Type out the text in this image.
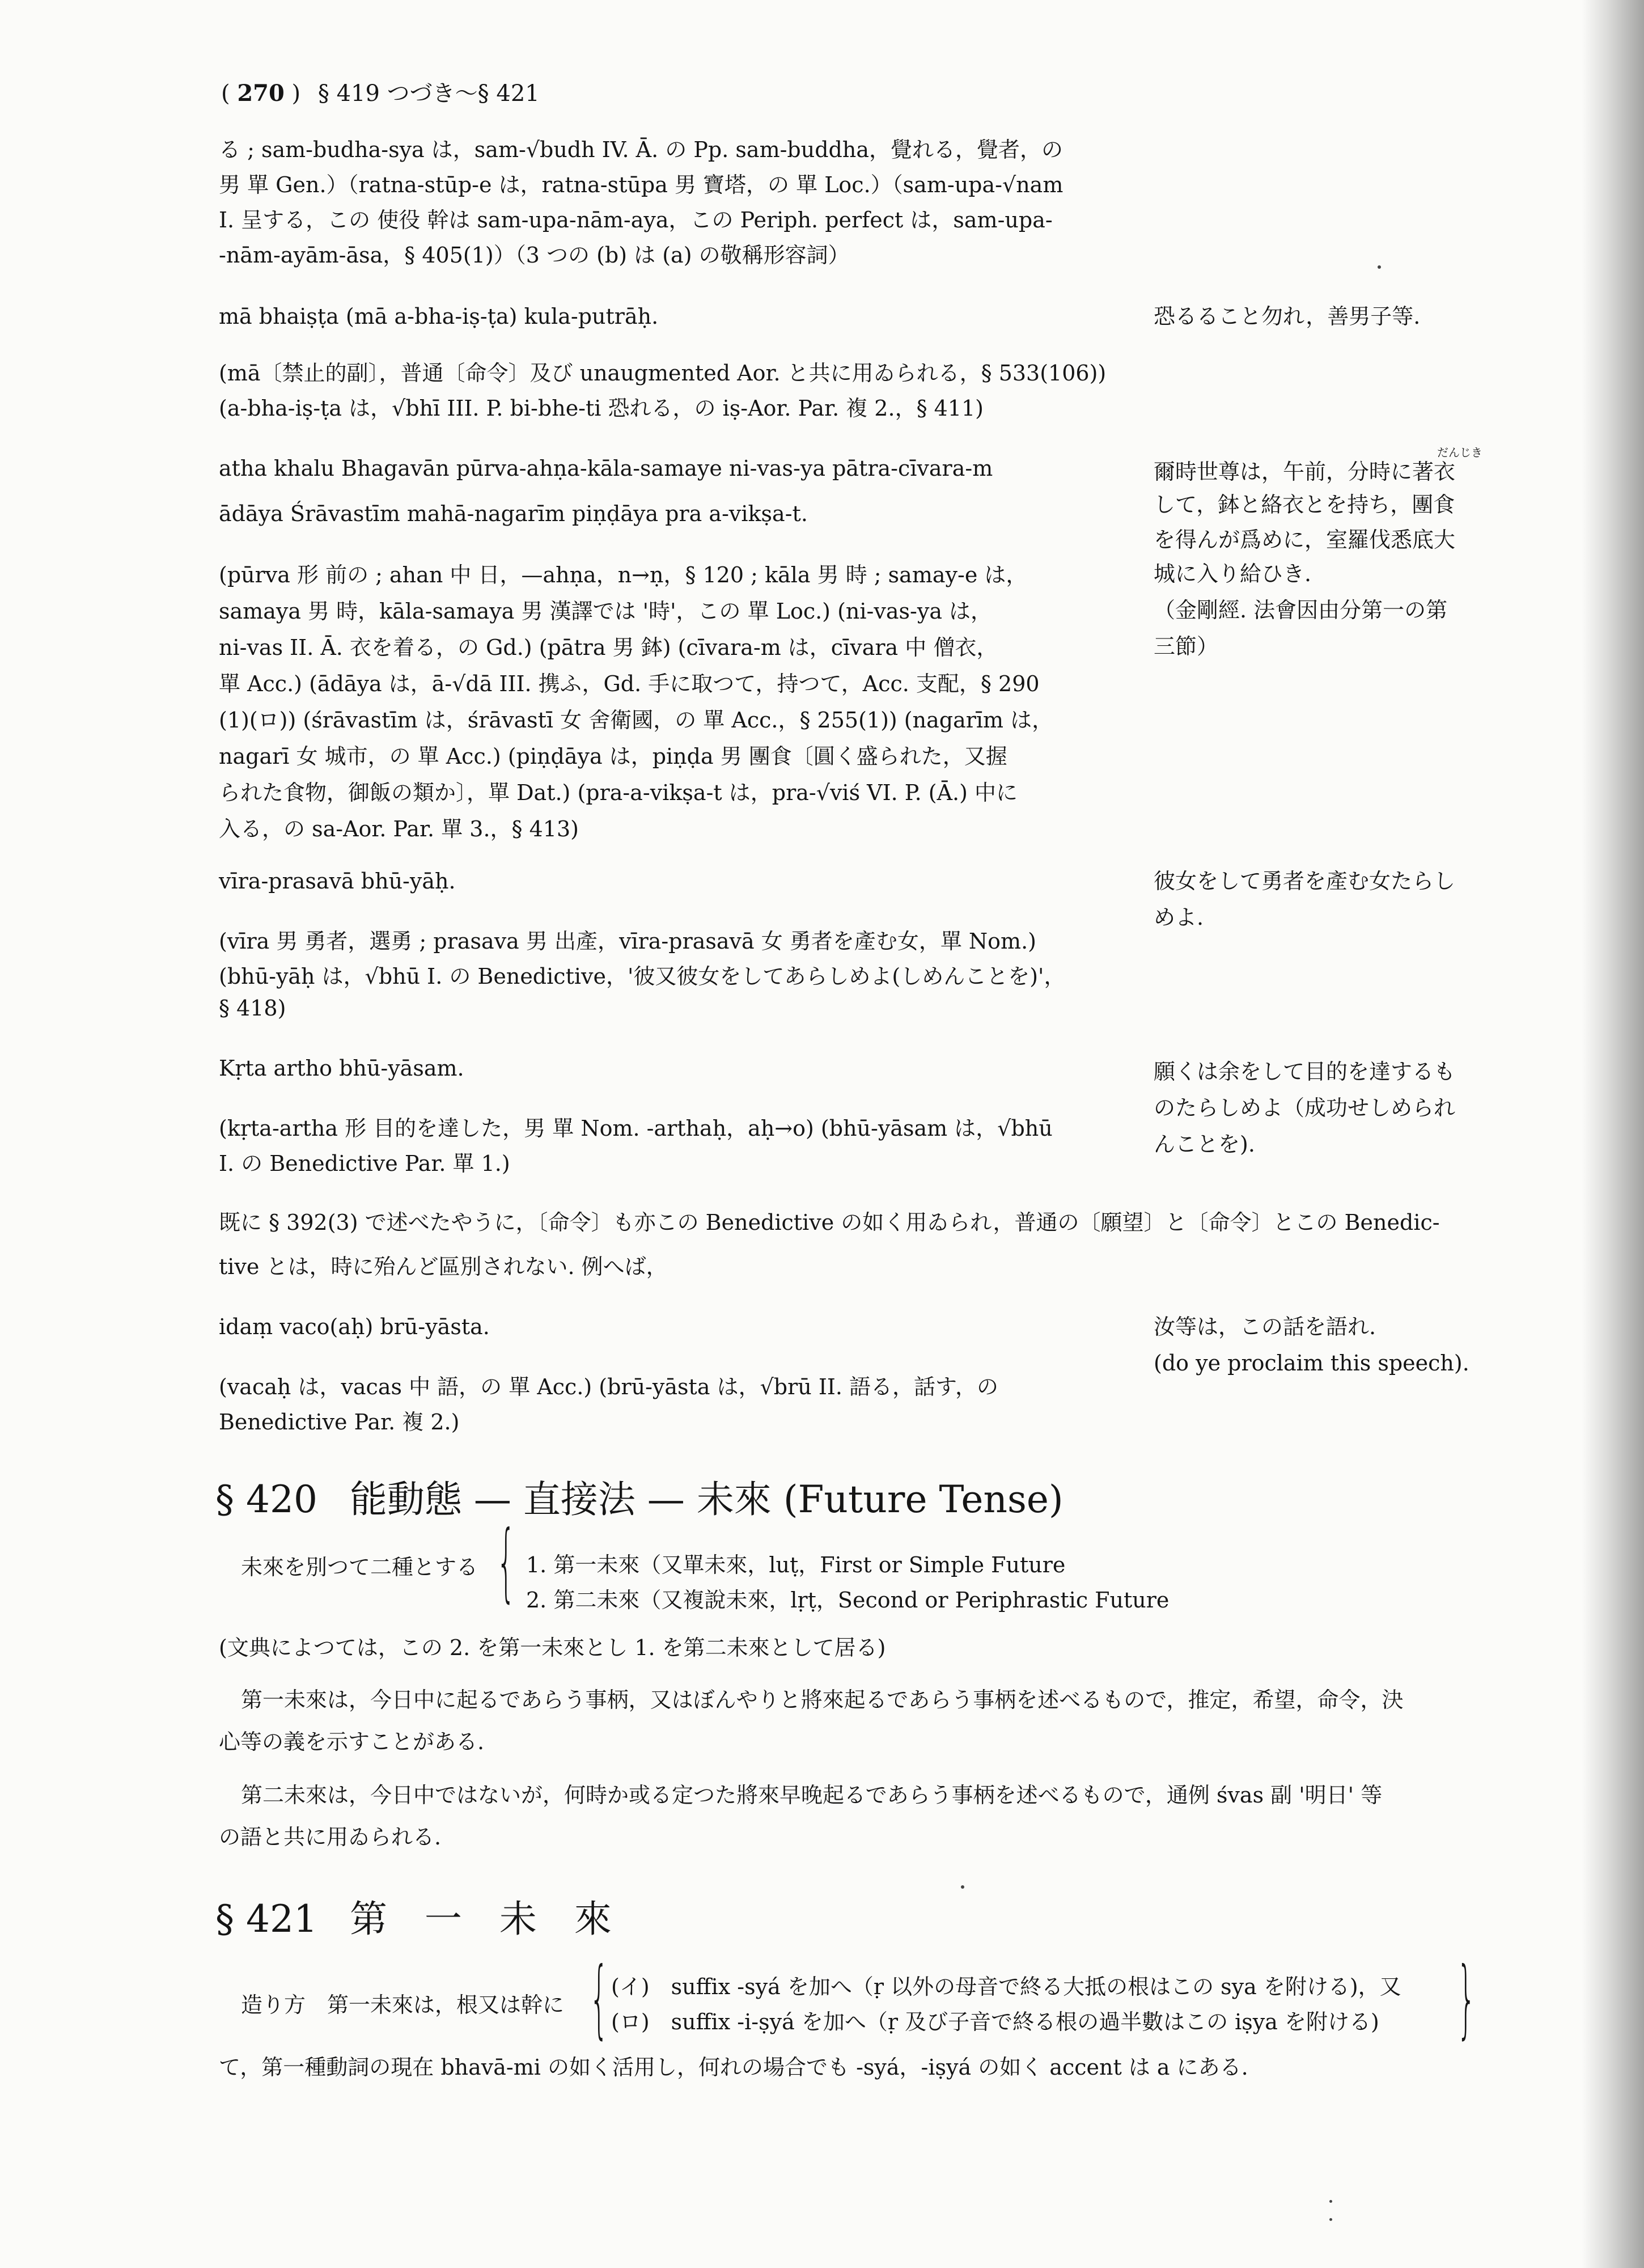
( 270 ) § 419 つづき〜§ 421
る ; sam-budha-sya は，sam-√budh IV. Ā. の Pp. sam-buddha，覺れる，覺者，の
男 單 Gen.）（ratna-stūp-e は，ratna-stūpa 男 寶塔，の 單 Loc.）（sam-upa-√nam
I. 呈する，この 使役 幹は sam-upa-nām-aya，この Periph. perfect は，sam-upa-
-nām-ayām-āsa，§ 405(1)）（3 つの (b) は (a) の敬稱形容詞）
mā bhaiṣṭa (mā a-bha-iṣ-ṭa) kula-putrāḥ.	恐るること勿れ，善男子等.
(mā〔禁止的副〕，普通〔命令〕及び unaugmented Aor. と共に用ゐられる，§ 533(106))
(a-bha-iṣ-ṭa は，√bhī III. P. bi-bhe-ti 恐れる，の iṣ-Aor. Par. 複 2.，§ 411)
atha khalu Bhagavān pūrva-ahṇa-kāla-samaye ni-vas-ya pātra-cīvara-m
ādāya Śrāvastīm mahā-nagarīm piṇḍāya pra a-vikṣa-t.
だんじき
爾時世尊は，午前，分時に著衣
して，鉢と絡衣とを持ち，團食
を得んが爲めに，室羅伐悉底大
城に入り給ひき.
（金剛經. 法會因由分第一の第
三節）
(pūrva 形 前の ; ahan 中 日，—ahṇa，n→ṇ，§ 120 ; kāla 男 時 ; samay-e は，
samaya 男 時，kāla-samaya 男 漢譯では '時'，この 單 Loc.) (ni-vas-ya は，
ni-vas II. Ā. 衣を着る，の Gd.) (pātra 男 鉢) (cīvara-m は，cīvara 中 僧衣，
單 Acc.) (ādāya は，ā-√dā III. 携ふ，Gd. 手に取つて，持つて，Acc. 支配，§ 290
(1)(ロ)) (śrāvastīm は，śrāvastī 女 舍衛國，の 單 Acc.，§ 255(1)) (nagarīm は，
nagarī 女 城市，の 單 Acc.) (piṇḍāya は，piṇḍa 男 團食〔圓く盛られた，又握
られた食物，御飯の類か〕，單 Dat.) (pra-a-vikṣa-t は，pra-√viś VI. P. (Ā.) 中に
入る，の sa-Aor. Par. 單 3.，§ 413)
vīra-prasavā bhū-yāḥ.	彼女をして勇者を產む女たらし
めよ.
(vīra 男 勇者，選勇 ; prasava 男 出產，vīra-prasavā 女 勇者を產む女，單 Nom.)
(bhū-yāḥ は，√bhū I. の Benedictive，'彼又彼女をしてあらしめよ(しめんことを)'，
§ 418)
Kṛta artho bhū-yāsam.	願くは余をして目的を達するも
のたらしめよ（成功せしめられ
んことを).
(kṛta-artha 形 目的を達した，男 單 Nom. -arthaḥ，aḥ→o) (bhū-yāsam は，√bhū
I. の Benedictive Par. 單 1.)
既に § 392(3) で述べたやうに，〔命令〕も亦この Benedictive の如く用ゐられ，普通の〔願望〕と〔命令〕とこの Benedic-
tive とは，時に殆んど區別されない. 例へば，
idaṃ vaco(aḥ) brū-yāsta.	汝等は，この話を語れ.
(do ye proclaim this speech).
(vacaḥ は，vacas 中 語，の 單 Acc.) (brū-yāsta は，√brū II. 語る，話す，の
Benedictive Par. 複 2.)
§ 420 能動態 — 直接法 — 未來 (Future Tense)
未來を別つて二種とする { 1. 第一未來（又單未來，luṭ，First or Simple Future
2. 第二未來（又複說未來，lṛṭ，Second or Periphrastic Future
(文典によつては，この 2. を第一未來とし 1. を第二未來として居る)
第一未來は，今日中に起るであらう事柄，又はぼんやりと將來起るであらう事柄を述べるもので，推定，希望，命令，決
心等の義を示すことがある.
第二未來は，今日中ではないが，何時か或る定つた將來早晚起るであらう事柄を述べるもので，通例 śvas 副 '明日' 等
の語と共に用ゐられる.
§ 421 第　一　未　來
造り方　第一未來は，根又は幹に { (イ)　suffix -syá を加へ（ṛ 以外の母音で終る大抵の根はこの sya を附ける)，又
(ロ)　suffix -i-ṣyá を加へ（ṛ 及び子音で終る根の過半數はこの iṣya を附ける) }
て，第一種動詞の現在 bhavā-mi の如く活用し，何れの場合でも -syá，-iṣyá の如く accent は a にある.
